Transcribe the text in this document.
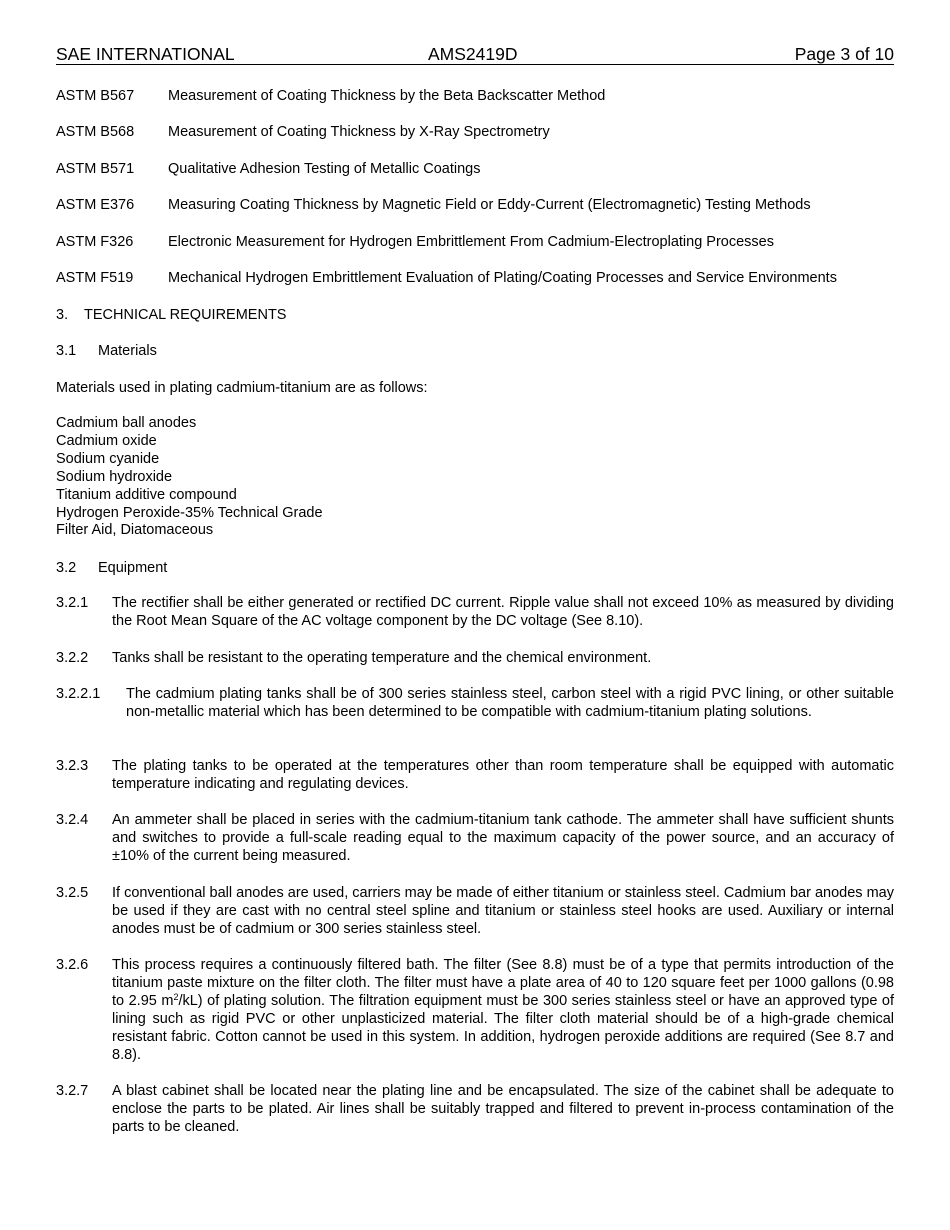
SAE INTERNATIONAL	AMS2419D	Page 3 of 10
ASTM B567 Measurement of Coating Thickness by the Beta Backscatter Method
ASTM B568 Measurement of Coating Thickness by X-Ray Spectrometry
ASTM B571 Qualitative Adhesion Testing of Metallic Coatings
ASTM E376 Measuring Coating Thickness by Magnetic Field or Eddy-Current (Electromagnetic) Testing Methods
ASTM F326 Electronic Measurement for Hydrogen Embrittlement From Cadmium-Electroplating Processes
ASTM F519 Mechanical Hydrogen Embrittlement Evaluation of Plating/Coating Processes and Service Environments
3. TECHNICAL REQUIREMENTS
3.1 Materials
Materials used in plating cadmium-titanium are as follows:
Cadmium ball anodes
Cadmium oxide
Sodium cyanide
Sodium hydroxide
Titanium additive compound
Hydrogen Peroxide-35% Technical Grade
Filter Aid, Diatomaceous
3.2 Equipment
3.2.1 The rectifier shall be either generated or rectified DC current. Ripple value shall not exceed 10% as measured by dividing the Root Mean Square of the AC voltage component by the DC voltage (See 8.10).
3.2.2 Tanks shall be resistant to the operating temperature and the chemical environment.
3.2.2.1 The cadmium plating tanks shall be of 300 series stainless steel, carbon steel with a rigid PVC lining, or other suitable non-metallic material which has been determined to be compatible with cadmium-titanium plating solutions.
3.2.3 The plating tanks to be operated at the temperatures other than room temperature shall be equipped with automatic temperature indicating and regulating devices.
3.2.4 An ammeter shall be placed in series with the cadmium-titanium tank cathode. The ammeter shall have sufficient shunts and switches to provide a full-scale reading equal to the maximum capacity of the power source, and an accuracy of ±10% of the current being measured.
3.2.5 If conventional ball anodes are used, carriers may be made of either titanium or stainless steel. Cadmium bar anodes may be used if they are cast with no central steel spline and titanium or stainless steel hooks are used. Auxiliary or internal anodes must be of cadmium or 300 series stainless steel.
3.2.6 This process requires a continuously filtered bath. The filter (See 8.8) must be of a type that permits introduction of the titanium paste mixture on the filter cloth. The filter must have a plate area of 40 to 120 square feet per 1000 gallons (0.98 to 2.95 $m^2/kL$) of plating solution. The filtration equipment must be 300 series stainless steel or have an approved type of lining such as rigid PVC or other unplasticized material. The filter cloth material should be of a high-grade chemical resistant fabric. Cotton cannot be used in this system. In addition, hydrogen peroxide additions are required (See 8.7 and 8.8).
3.2.7 A blast cabinet shall be located near the plating line and be encapsulated. The size of the cabinet shall be adequate to enclose the parts to be plated. Air lines shall be suitably trapped and filtered to prevent in-process contamination of the parts to be cleaned.
